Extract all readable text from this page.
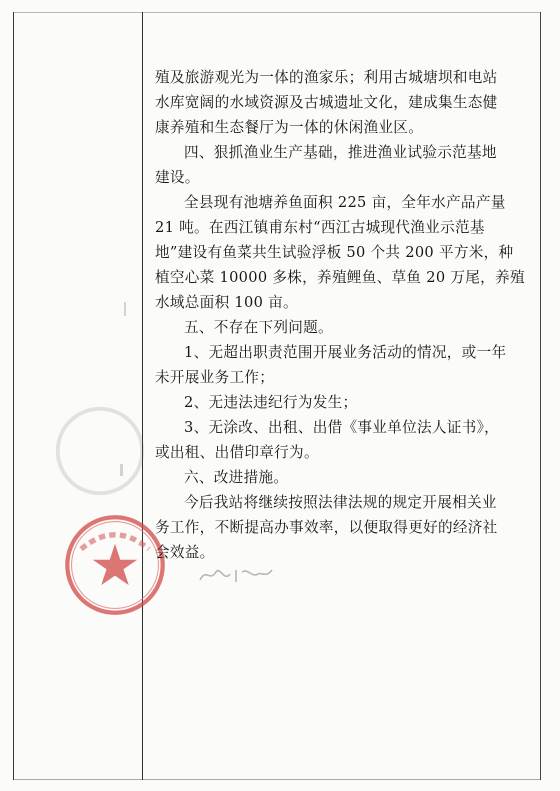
殖及旅游观光为一体的渔家乐；利用古城塘坝和电站
水库宽阔的水域资源及古城遗址文化，建成集生态健
康养殖和生态餐厅为一体的休闲渔业区。
四、狠抓渔业生产基础，推进渔业试验示范基地
建设。
全县现有池塘养鱼面积 225 亩，全年水产品产量
21 吨。在西江镇甫东村“西江古城现代渔业示范基
地”建设有鱼菜共生试验浮板 50 个共 200 平方米，种
植空心菜 10000 多株，养殖鲤鱼、草鱼 20 万尾，养殖
水域总面积 100 亩。
五、不存在下列问题。
1、无超出职责范围开展业务活动的情况，或一年
未开展业务工作；
2、无违法违纪行为发生；
3、无涂改、出租、出借《事业单位法人证书》，
或出租、出借印章行为。
六、改进措施。
今后我站将继续按照法律法规的规定开展相关业
务工作，不断提高办事效率，以便取得更好的经济社
会效益。
